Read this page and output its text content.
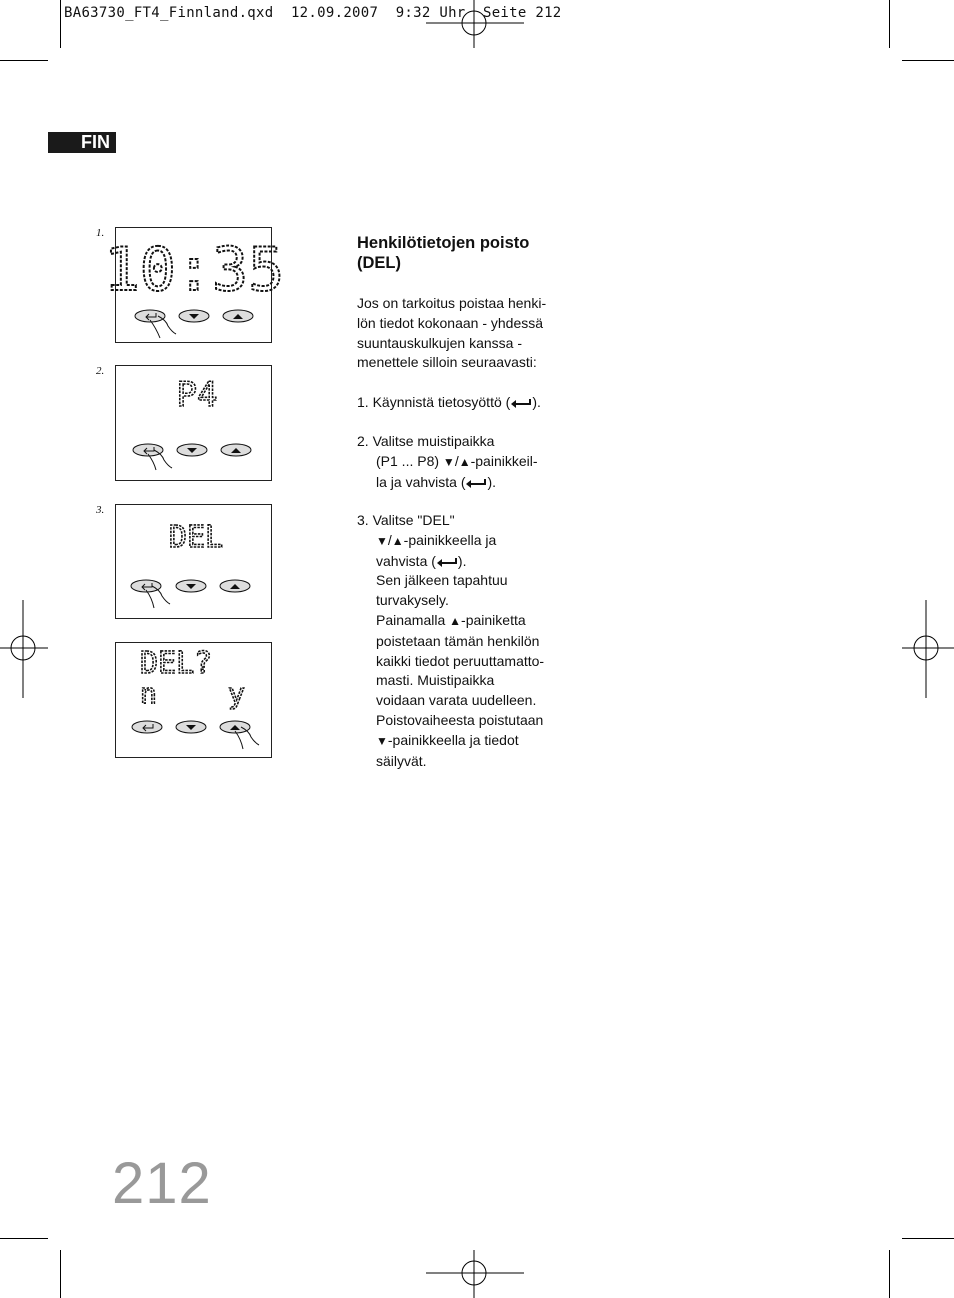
BA63730_FT4_Finnland.qxd  12.09.2007  9:32 Uhr  Seite 212
FIN
1.
10:35
2.
P4
3.
DEL
DEL?
n	y
Henkilötietojen poisto
(DEL)
Jos on tarkoitus poistaa henki-
lön tiedot kokonaan - yhdessä
suuntauskulkujen kanssa -
menettele silloin seuraavasti:
1. Käynnistä tietosyöttö ( ).
2. Valitse muistipaikka
(P1 ... P8) ▼/▲-painikkeil-
la ja vahvista ( ).
3. Valitse "DEL"
▼/▲-painikkeella ja
vahvista ( ).
Sen jälkeen tapahtuu
turvakysely.
Painamalla ▲-painiketta
poistetaan tämän henkilön
kaikki tiedot peruuttamatto-
masti. Muistipaikka
voidaan varata uudelleen.
Poistovaiheesta poistutaan
▼-painikkeella ja tiedot
säilyvät.
212
